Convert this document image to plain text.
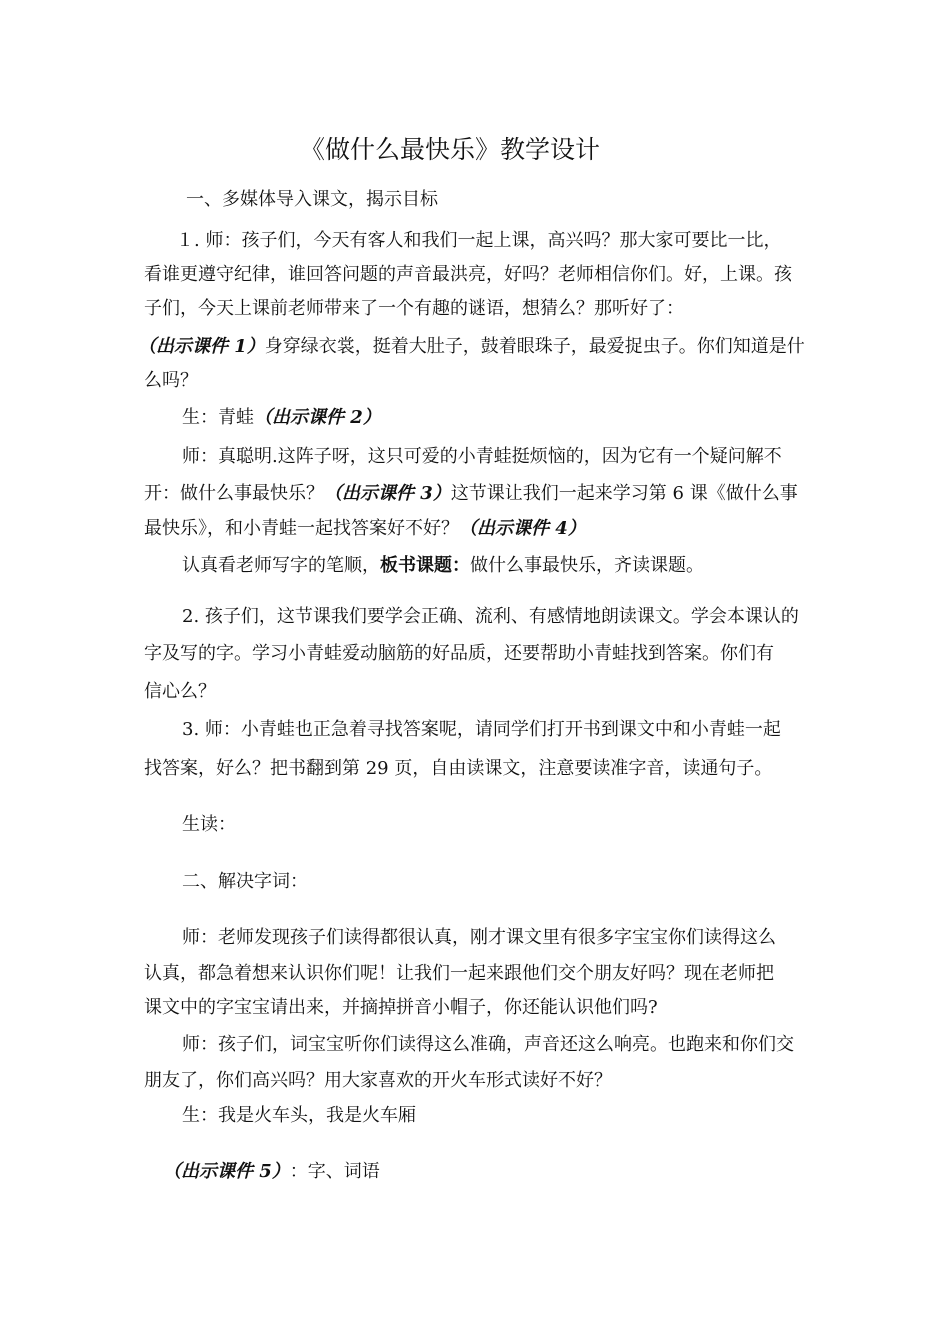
《做什么最快乐》教学设计
一、多媒体导入课文，揭示目标
１. 师：孩子们，今天有客人和我们一起上课，高兴吗？那大家可要比一比，
看谁更遵守纪律，谁回答问题的声音最洪亮，好吗？老师相信你们。好，上课。孩
子们，今天上课前老师带来了一个有趣的谜语，想猜么？那听好了：
（出示课件 1）身穿绿衣裳，挺着大肚子，鼓着眼珠子，最爱捉虫子。你们知道是什
么吗？
生：青蛙（出示课件 2）
师：真聪明.这阵子呀，这只可爱的小青蛙挺烦恼的，因为它有一个疑问解不
开：做什么事最快乐？（出示课件 3）这节课让我们一起来学习第 6 课《做什么事
最快乐》，和小青蛙一起找答案好不好？（出示课件 4）
认真看老师写字的笔顺，板书课题：做什么事最快乐，齐读课题。
2. 孩子们，这节课我们要学会正确、流利、有感情地朗读课文。学会本课认的
字及写的字。学习小青蛙爱动脑筋的好品质，还要帮助小青蛙找到答案。你们有
信心么？
3. 师：小青蛙也正急着寻找答案呢，请同学们打开书到课文中和小青蛙一起
找答案，好么？把书翻到第 29 页，自由读课文，注意要读准字音，读通句子。
生读：
二、解决字词：
师：老师发现孩子们读得都很认真，刚才课文里有很多字宝宝你们读得这么
认真，都急着想来认识你们呢！让我们一起来跟他们交个朋友好吗？现在老师把
课文中的字宝宝请出来，并摘掉拼音小帽子，你还能认识他们吗?
师：孩子们，词宝宝听你们读得这么准确，声音还这么响亮。也跑来和你们交
朋友了，你们高兴吗？用大家喜欢的开火车形式读好不好？
生：我是火车头，我是火车厢
（出示课件 5）：字、词语
